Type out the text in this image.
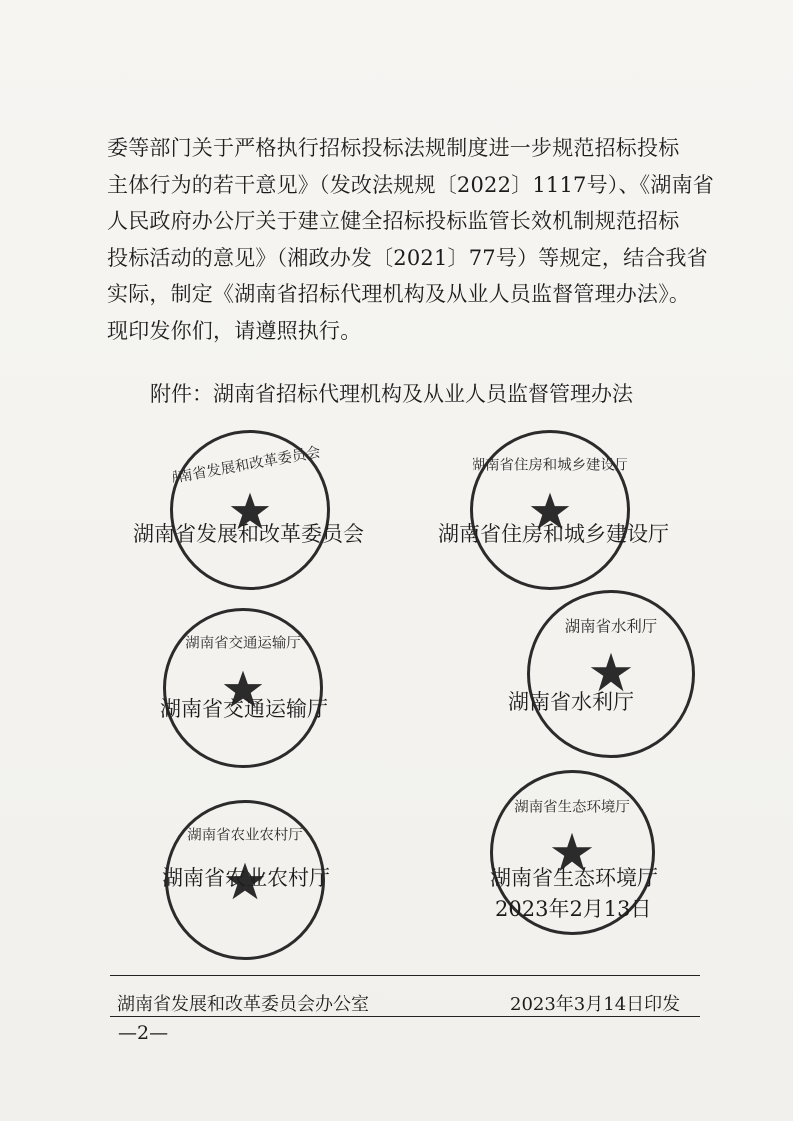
委等部门关于严格执行招标投标法规制度进一步规范招标投标
主体行为的若干意见》（发改法规规〔2022〕1117号）、《湖南省
人民政府办公厅关于建立健全招标投标监管长效机制规范招标
投标活动的意见》（湘政办发〔2021〕77号）等规定，结合我省
实际，制定《湖南省招标代理机构及从业人员监督管理办法》。
现印发你们，请遵照执行。
附件：湖南省招标代理机构及从业人员监督管理办法
湖南省发展和改革委员会
湖南省发展和改革委员会
湖南省住房和城乡建设厅
湖南省住房和城乡建设厅
湖南省交通运输厅
湖南省交通运输厅
湖南省水利厅
湖南省水利厅
湖南省农业农村厅
湖南省农业农村厅
湖南省生态环境厅
湖南省生态环境厅
2023年2月13日
湖南省发展和改革委员会办公室	2023年3月14日印发
—2—
